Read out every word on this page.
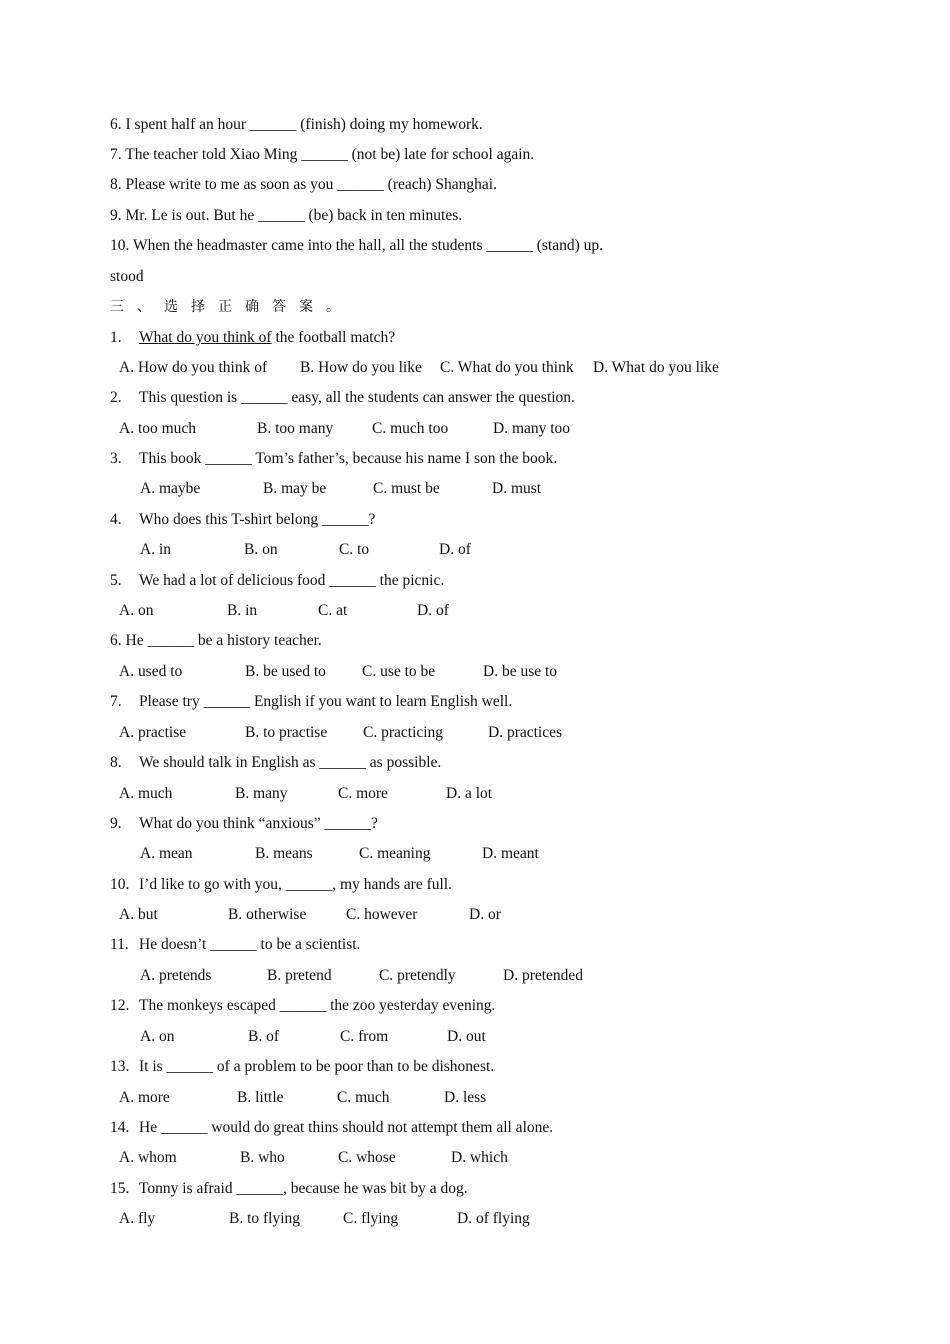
6. I spent half an hour ______ (finish) doing my homework.
7. The teacher told Xiao Ming ______ (not be) late for school again.
8. Please write to me as soon as you ______ (reach) Shanghai.
9. Mr. Le is out. But he ______ (be) back in ten minutes.
10. When the headmaster came into the hall, all the students ______ (stand) up.
stood
三、选择正确答案。
1. What do you think of the football match?
A. How do you think of B. How do you like C. What do you think D. What do you like
2. This question is ______ easy, all the students can answer the question.
A. too much	B. too many	C. much too	D. many too
3. This book ______ Tom’s father’s, because his name I son the book.
A. maybe	B. may be	C. must be	D. must
4. Who does this T-shirt belong ______?
A. in	B. on	C. to	D. of
5. We had a lot of delicious food ______ the picnic.
A. on	B. in	C. at	D. of
6. He ______ be a history teacher.
A. used to	B. be used to C. use to be	D. be use to
7. Please try ______ English if you want to learn English well.
A. practise	B. to practise C. practicing	D. practices
8. We should talk in English as ______ as possible.
A. much	B. many	C. more	D. a lot
9. What do you think “anxious” ______?
A. mean	B. means	C. meaning	D. meant
10. I’d like to go with you, ______, my hands are full.
A. but	B. otherwise	C. however	D. or
11. He doesn’t ______ to be a scientist.
A. pretends	B. pretend	C. pretendly	D. pretended
12. The monkeys escaped ______ the zoo yesterday evening.
A. on	B. of	C. from	D. out
13. It is ______ of a problem to be poor than to be dishonest.
A. more	B. little	C. much	D. less
14. He ______ would do great thins should not attempt them all alone.
A. whom	B. who	C. whose	D. which
15. Tonny is afraid ______, because he was bit by a dog.
A. fly	B. to flying	C. flying	D. of flying
